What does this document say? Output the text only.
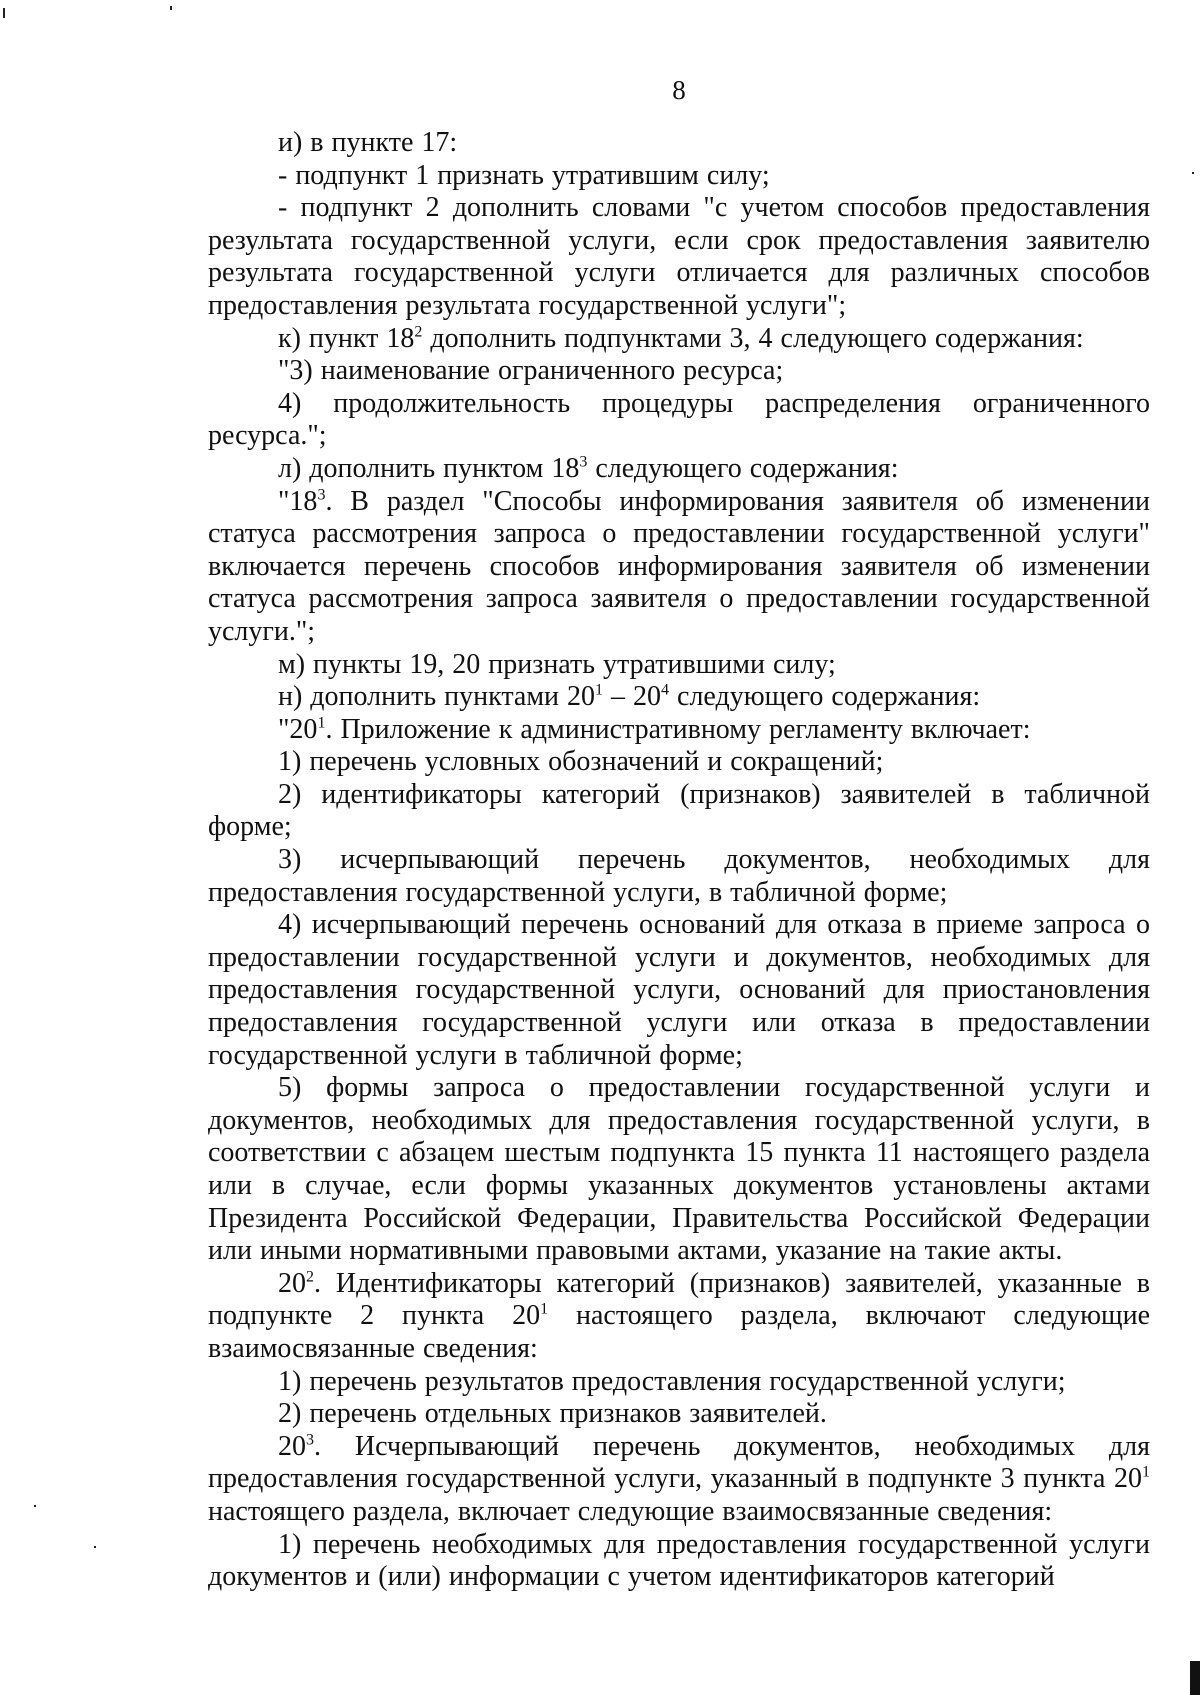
8

и) в пункте 17:

- подпункт 1 признать утратившим силу;

- подпункт 2 дополнить словами "с учетом способов предоставления результата государственной услуги, если срок предоставления заявителю результата государственной услуги отличается для различных способов предоставления результата государственной услуги";

к) пункт $18^2$ дополнить подпунктами 3, 4 следующего содержания:

"3) наименование ограниченного ресурса;

4) продолжительность процедуры распределения ограниченного ресурса.";

л) дополнить пунктом $18^3$ следующего содержания:

"$18^3$. В раздел "Способы информирования заявителя об изменении статуса рассмотрения запроса о предоставлении государственной услуги" включается перечень способов информирования заявителя об изменении статуса рассмотрения запроса заявителя о предоставлении государственной услуги.";

м) пункты 19, 20 признать утратившими силу;

н) дополнить пунктами $20^1 - 20^4$ следующего содержания:

"$20^1$. Приложение к административному регламенту включает:

1) перечень условных обозначений и сокращений;

2) идентификаторы категорий (признаков) заявителей в табличной форме;

3) исчерпывающий перечень документов, необходимых для предоставления государственной услуги, в табличной форме;

4) исчерпывающий перечень оснований для отказа в приеме запроса о предоставлении государственной услуги и документов, необходимых для предоставления государственной услуги, оснований для приостановления предоставления государственной услуги или отказа в предоставлении государственной услуги в табличной форме;

5) формы запроса о предоставлении государственной услуги и документов, необходимых для предоставления государственной услуги, в соответствии с абзацем шестым подпункта 15 пункта 11 настоящего раздела или в случае, если формы указанных документов установлены актами Президента Российской Федерации, Правительства Российской Федерации или иными нормативными правовыми актами, указание на такие акты.

$20^2$. Идентификаторы категорий (признаков) заявителей, указанные в подпункте 2 пункта $20^1$ настоящего раздела, включают следующие взаимосвязанные сведения:

1) перечень результатов предоставления государственной услуги;

2) перечень отдельных признаков заявителей.

$20^3$. Исчерпывающий перечень документов, необходимых для предоставления государственной услуги, указанный в подпункте 3 пункта $20^1$ настоящего раздела, включает следующие взаимосвязанные сведения:

1) перечень необходимых для предоставления государственной услуги документов и (или) информации с учетом идентификаторов категорий
